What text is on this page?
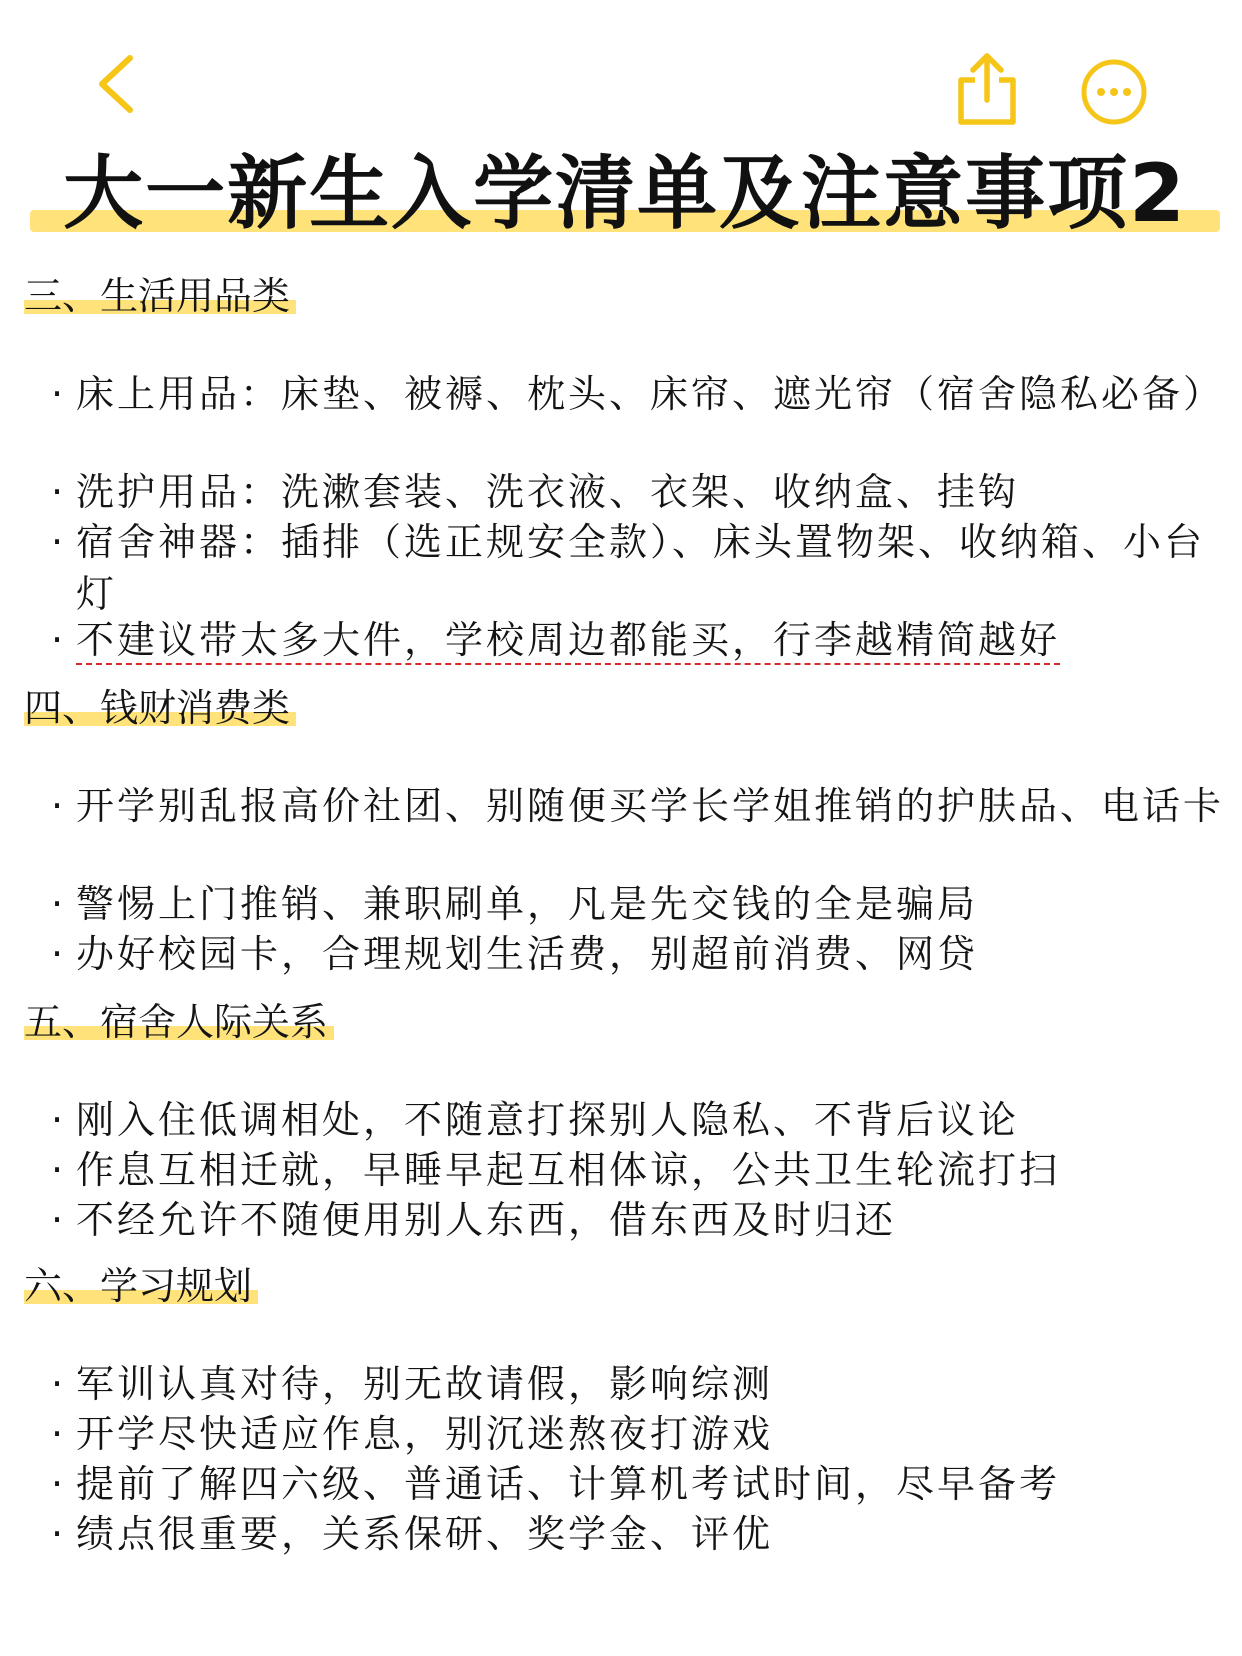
大一新生入学清单及注意事项2
三、生活用品类
· 床上用品：床垫、被褥、枕头、床帘、遮光帘（宿舍隐私必备）
· 洗护用品：洗漱套装、洗衣液、衣架、收纳盒、挂钩
· 宿舍神器：插排（选正规安全款）、床头置物架、收纳箱、小台灯
· 不建议带太多大件，学校周边都能买，行李越精简越好
四、钱财消费类
· 开学别乱报高价社团、别随便买学长学姐推销的护肤品、电话卡
· 警惕上门推销、兼职刷单，凡是先交钱的全是骗局
· 办好校园卡，合理规划生活费，别超前消费、网贷
五、宿舍人际关系
· 刚入住低调相处，不随意打探别人隐私、不背后议论
· 作息互相迁就，早睡早起互相体谅，公共卫生轮流打扫
· 不经允许不随便用别人东西，借东西及时归还
六、学习规划
· 军训认真对待，别无故请假，影响综测
· 开学尽快适应作息，别沉迷熬夜打游戏
· 提前了解四六级、普通话、计算机考试时间，尽早备考
· 绩点很重要，关系保研、奖学金、评优
